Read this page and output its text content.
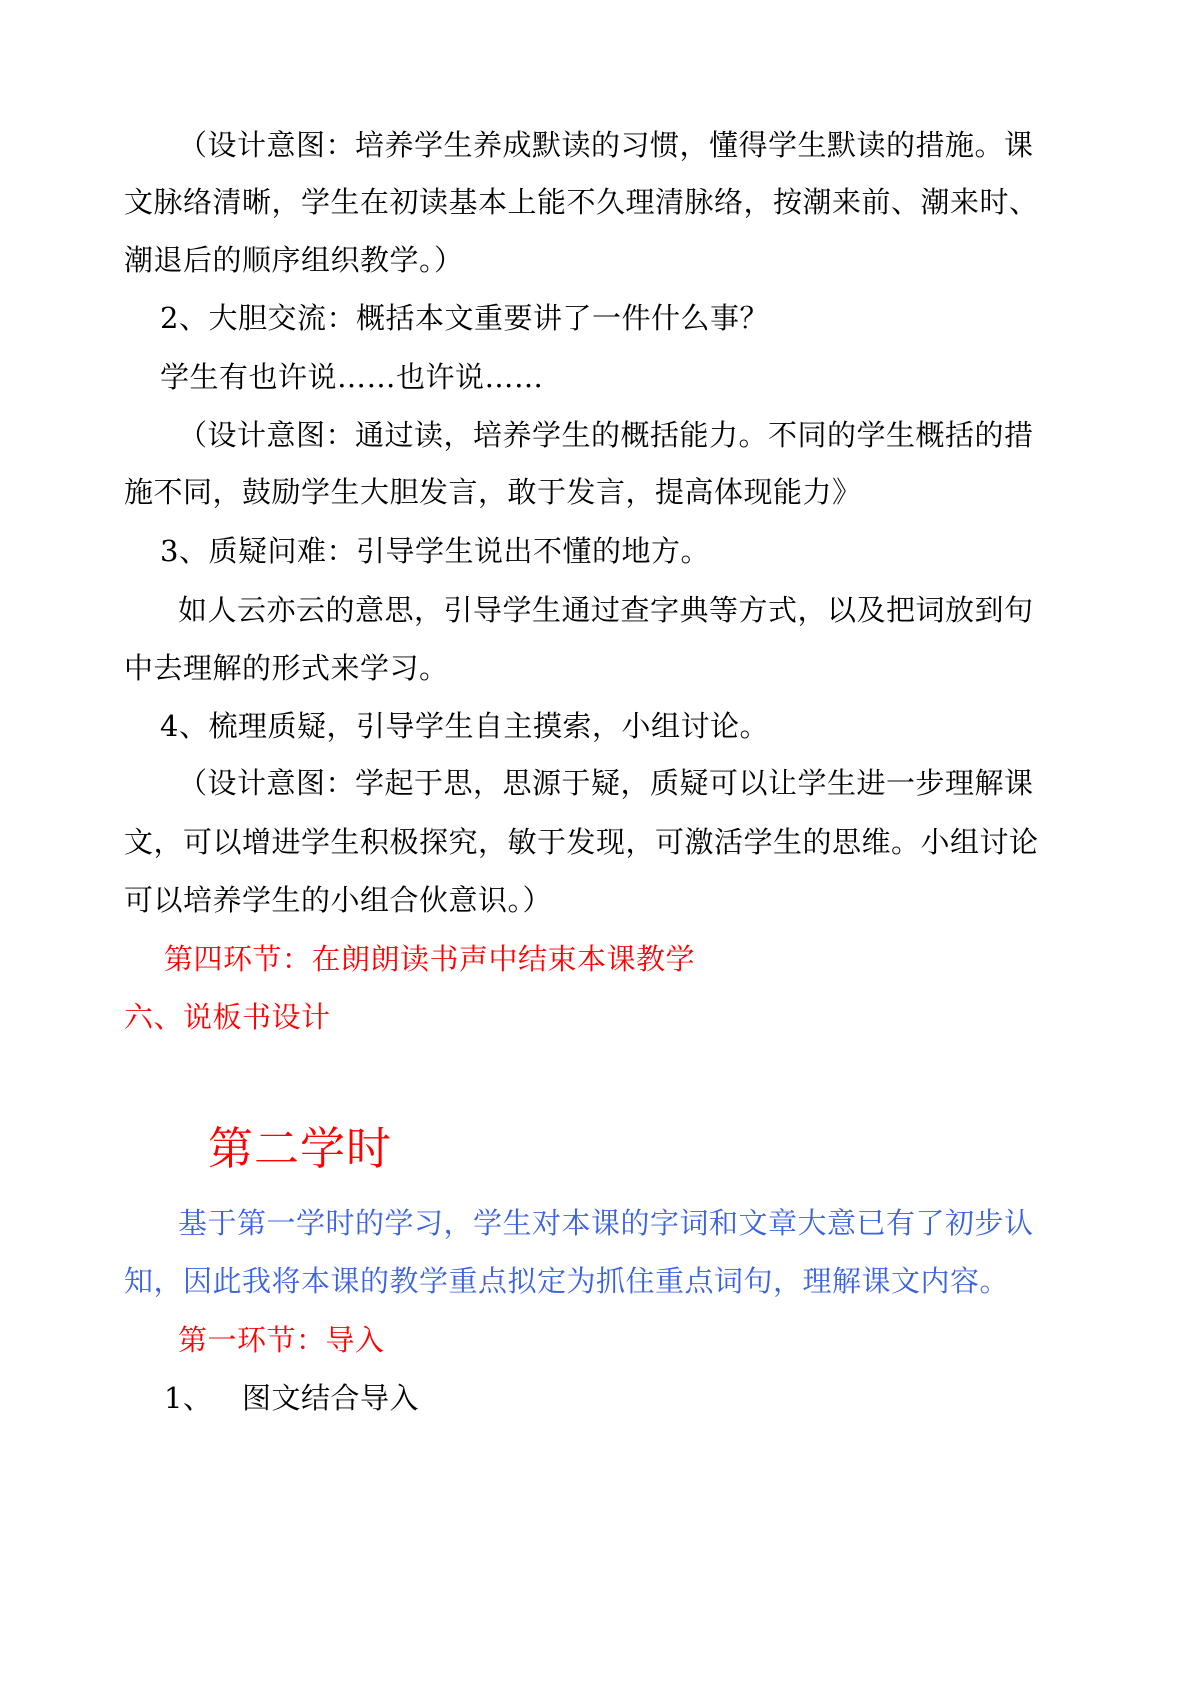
（设计意图：培养学生养成默读的习惯，懂得学生默读的措施。课
文脉络清晰，学生在初读基本上能不久理清脉络，按潮来前、潮来时、
潮退后的顺序组织教学。）
2、大胆交流：概括本文重要讲了一件什么事？
学生有也许说……也许说……
（设计意图：通过读，培养学生的概括能力。不同的学生概括的措
施不同，鼓励学生大胆发言，敢于发言，提高体现能力》
3、质疑问难：引导学生说出不懂的地方。
如人云亦云的意思，引导学生通过查字典等方式，以及把词放到句
中去理解的形式来学习。
4、梳理质疑，引导学生自主摸索，小组讨论。
（设计意图：学起于思，思源于疑，质疑可以让学生进一步理解课
文，可以增进学生积极探究，敏于发现，可激活学生的思维。小组讨论
可以培养学生的小组合伙意识。）
第四环节：在朗朗读书声中结束本课教学
六、说板书设计
第二学时
基于第一学时的学习，学生对本课的字词和文章大意已有了初步认
知，因此我将本课的教学重点拟定为抓住重点词句，理解课文内容。
第一环节：导入
1、 图文结合导入
